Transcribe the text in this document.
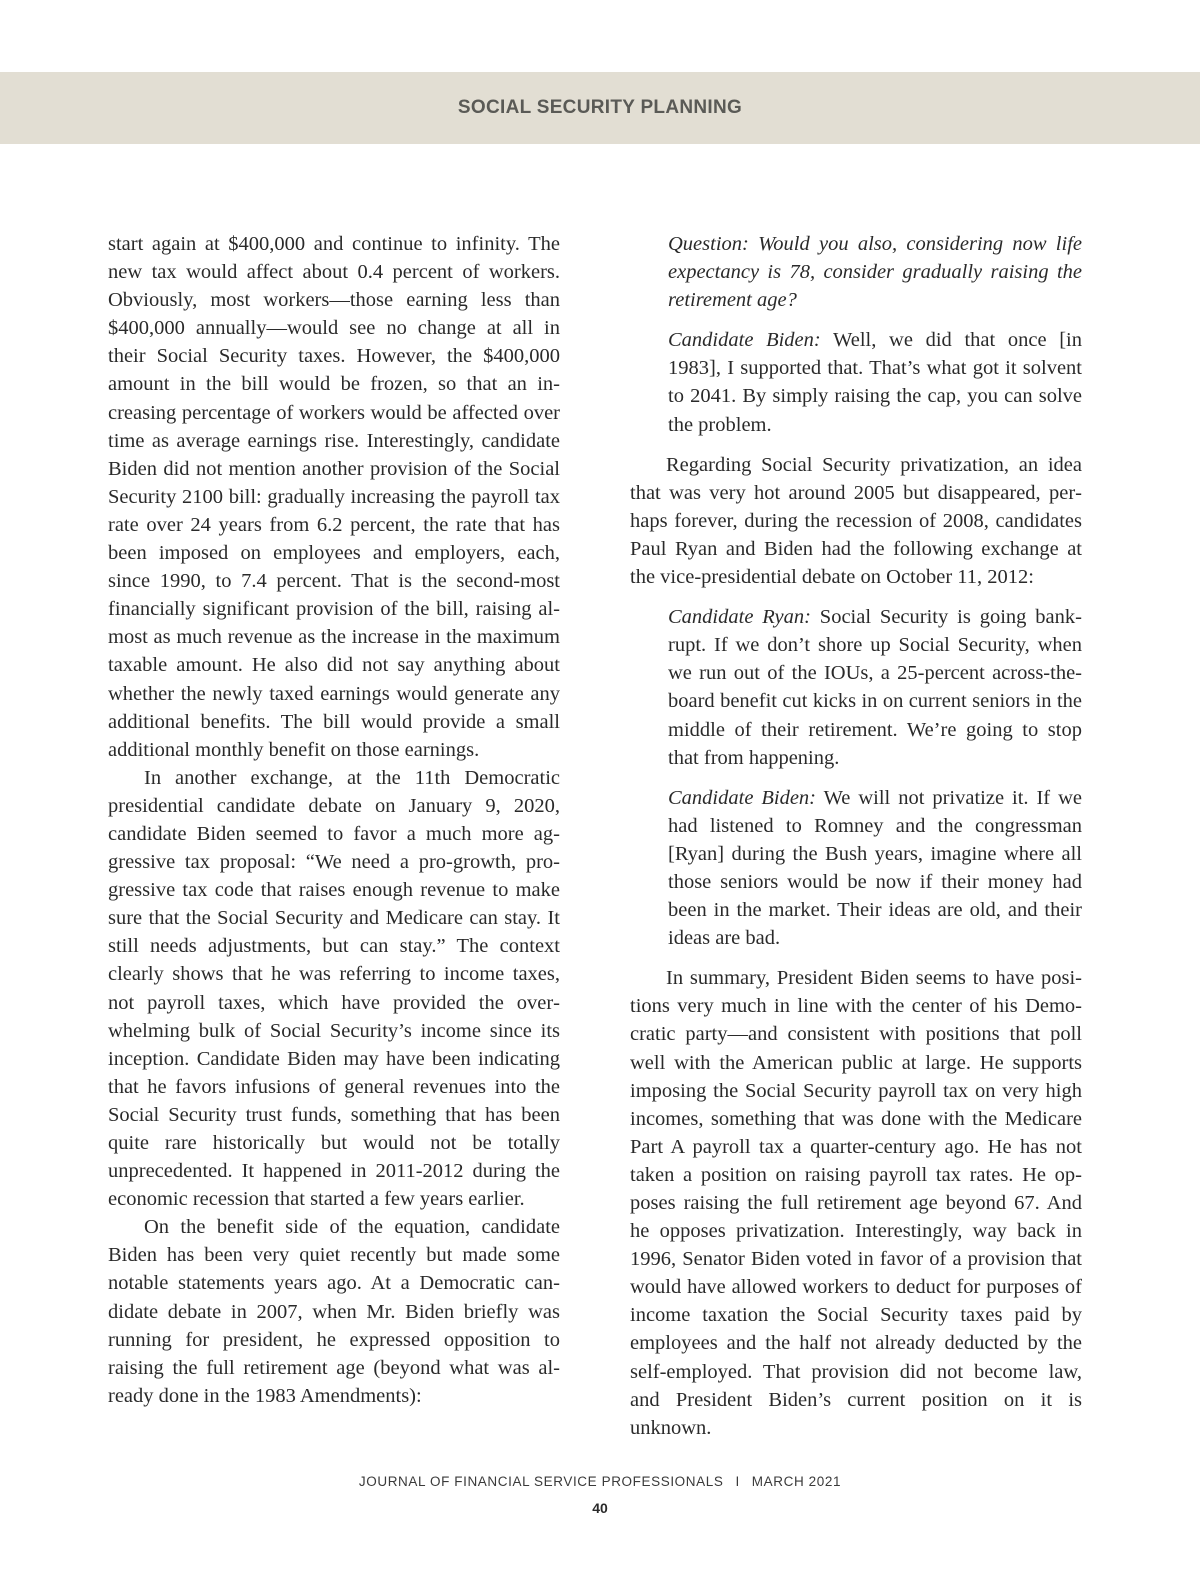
SOCIAL SECURITY PLANNING

start again at $400,000 and continue to infinity. The new tax would affect about 0.4 percent of workers. Obviously, most workers—those earning less than $400,000 annually—would see no change at all in their Social Security taxes. However, the $400,000 amount in the bill would be frozen, so that an increasing percentage of workers would be affected over time as average earnings rise. Interestingly, candidate Biden did not mention another provision of the Social Security 2100 bill: gradually increasing the payroll tax rate over 24 years from 6.2 percent, the rate that has been imposed on employees and employers, each, since 1990, to 7.4 percent. That is the second-most financially significant provision of the bill, raising almost as much revenue as the increase in the maximum taxable amount. He also did not say anything about whether the newly taxed earnings would generate any additional benefits. The bill would provide a small additional monthly benefit on those earnings.

In another exchange, at the 11th Democratic presidential candidate debate on January 9, 2020, candidate Biden seemed to favor a much more aggressive tax proposal: “We need a pro-growth, progressive tax code that raises enough revenue to make sure that the Social Security and Medicare can stay. It still needs adjustments, but can stay.” The context clearly shows that he was referring to income taxes, not payroll taxes, which have provided the overwhelming bulk of Social Security’s income since its inception. Candidate Biden may have been indicating that he favors infusions of general revenues into the Social Security trust funds, something that has been quite rare historically but would not be totally unprecedented. It happened in 2011-2012 during the economic recession that started a few years earlier.

On the benefit side of the equation, candidate Biden has been very quiet recently but made some notable statements years ago. At a Democratic candidate debate in 2007, when Mr. Biden briefly was running for president, he expressed opposition to raising the full retirement age (beyond what was already done in the 1983 Amendments):

Question: Would you also, considering now life expectancy is 78, consider gradually raising the retirement age?

Candidate Biden: Well, we did that once [in 1983], I supported that. That’s what got it solvent to 2041. By simply raising the cap, you can solve the problem.

Regarding Social Security privatization, an idea that was very hot around 2005 but disappeared, perhaps forever, during the recession of 2008, candidates Paul Ryan and Biden had the following exchange at the vice-presidential debate on October 11, 2012:

Candidate Ryan: Social Security is going bankrupt. If we don’t shore up Social Security, when we run out of the IOUs, a 25-percent across-the-board benefit cut kicks in on current seniors in the middle of their retirement. We’re going to stop that from happening.

Candidate Biden: We will not privatize it. If we had listened to Romney and the congressman [Ryan] during the Bush years, imagine where all those seniors would be now if their money had been in the market. Their ideas are old, and their ideas are bad.

In summary, President Biden seems to have positions very much in line with the center of his Democratic party—and consistent with positions that poll well with the American public at large. He supports imposing the Social Security payroll tax on very high incomes, something that was done with the Medicare Part A payroll tax a quarter-century ago. He has not taken a position on raising payroll tax rates. He opposes raising the full retirement age beyond 67. And he opposes privatization. Interestingly, way back in 1996, Senator Biden voted in favor of a provision that would have allowed workers to deduct for purposes of income taxation the Social Security taxes paid by employees and the half not already deducted by the self-employed. That provision did not become law, and President Biden’s current position on it is unknown.

JOURNAL OF FINANCIAL SERVICE PROFESSIONALS I MARCH 2021
40
